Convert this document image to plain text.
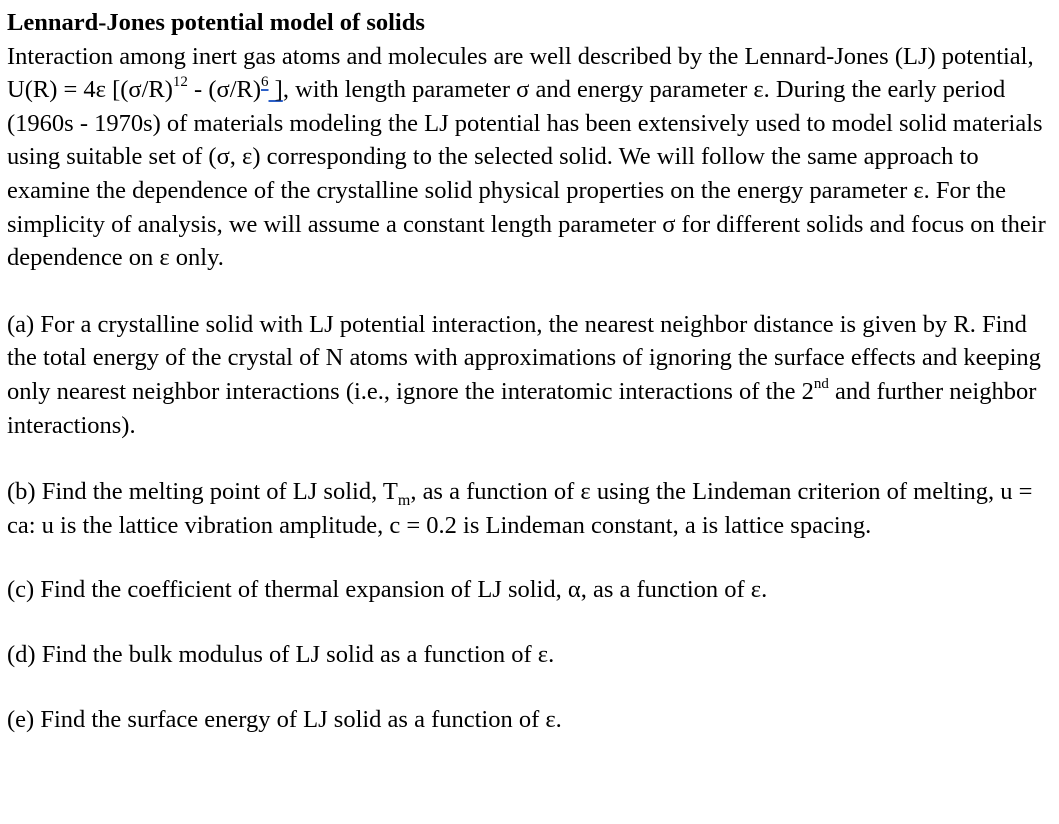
Lennard-Jones potential model of solids

Interaction among inert gas atoms and molecules are well described by the Lennard-Jones (LJ) potential, U(R) = 4ε [$(\sigma/R)^{12} - (\sigma/R)^6$ ], with length parameter σ and energy parameter ε. During the early period (1960s - 1970s) of materials modeling the LJ potential has been extensively used to model solid materials using suitable set of (σ, ε) corresponding to the selected solid. We will follow the same approach to examine the dependence of the crystalline solid physical properties on the energy parameter ε. For the simplicity of analysis, we will assume a constant length parameter σ for different solids and focus on their dependence on ε only.

(a) For a crystalline solid with LJ potential interaction, the nearest neighbor distance is given by R. Find the total energy of the crystal of N atoms with approximations of ignoring the surface effects and keeping only nearest neighbor interactions (i.e., ignore the interatomic interactions of the 2nd and further neighbor interactions).

(b) Find the melting point of LJ solid, $T_m$, as a function of ε using the Lindeman criterion of melting, u = ca: u is the lattice vibration amplitude, c = 0.2 is Lindeman constant, a is lattice spacing.

(c) Find the coefficient of thermal expansion of LJ solid, α, as a function of ε.

(d) Find the bulk modulus of LJ solid as a function of ε.

(e) Find the surface energy of LJ solid as a function of ε.
